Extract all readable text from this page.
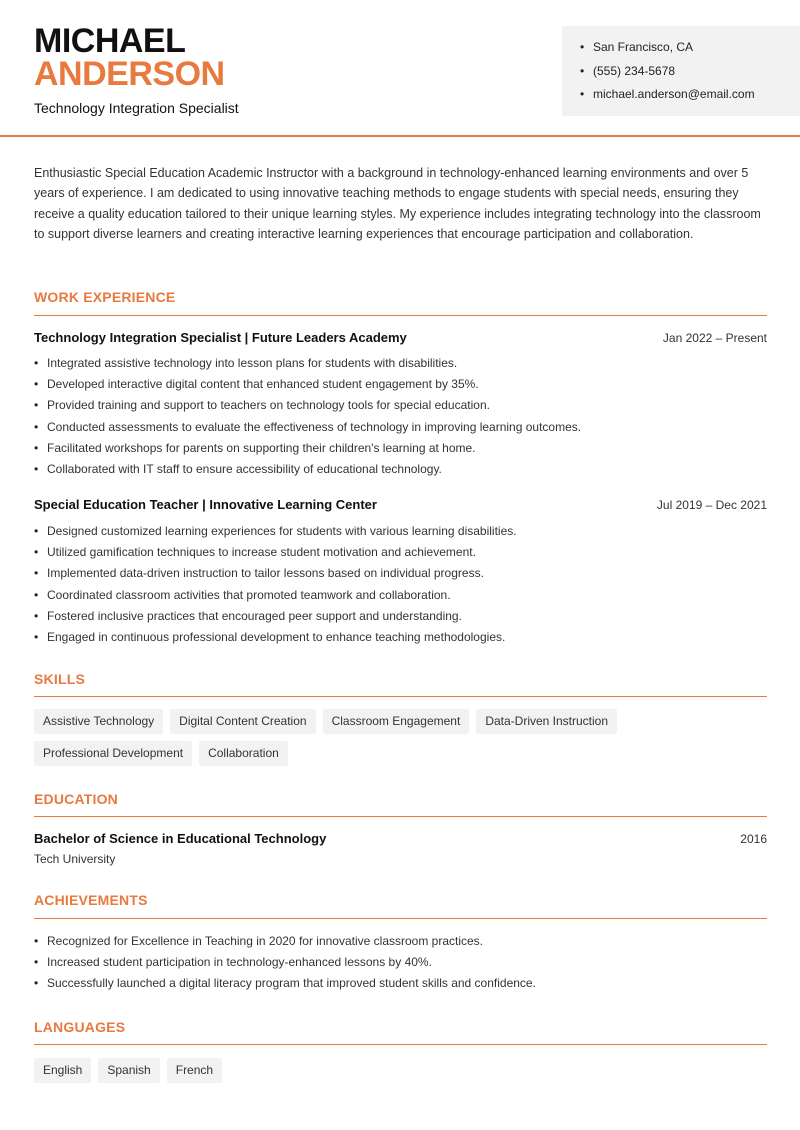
MICHAEL
ANDERSON
Technology Integration Specialist
• San Francisco, CA
• (555) 234-5678
• michael.anderson@email.com
Enthusiastic Special Education Academic Instructor with a background in technology-enhanced learning environments and over 5 years of experience. I am dedicated to using innovative teaching methods to engage students with special needs, ensuring they receive a quality education tailored to their unique learning styles. My experience includes integrating technology into the classroom to support diverse learners and creating interactive learning experiences that encourage participation and collaboration.
WORK EXPERIENCE
Technology Integration Specialist | Future Leaders Academy	Jan 2022 – Present
• Integrated assistive technology into lesson plans for students with disabilities.
• Developed interactive digital content that enhanced student engagement by 35%.
• Provided training and support to teachers on technology tools for special education.
• Conducted assessments to evaluate the effectiveness of technology in improving learning outcomes.
• Facilitated workshops for parents on supporting their children's learning at home.
• Collaborated with IT staff to ensure accessibility of educational technology.
Special Education Teacher | Innovative Learning Center	Jul 2019 – Dec 2021
• Designed customized learning experiences for students with various learning disabilities.
• Utilized gamification techniques to increase student motivation and achievement.
• Implemented data-driven instruction to tailor lessons based on individual progress.
• Coordinated classroom activities that promoted teamwork and collaboration.
• Fostered inclusive practices that encouraged peer support and understanding.
• Engaged in continuous professional development to enhance teaching methodologies.
SKILLS
Assistive Technology	Digital Content Creation	Classroom Engagement	Data-Driven Instruction
Professional Development	Collaboration
EDUCATION
Bachelor of Science in Educational Technology	2016
Tech University
ACHIEVEMENTS
• Recognized for Excellence in Teaching in 2020 for innovative classroom practices.
• Increased student participation in technology-enhanced lessons by 40%.
• Successfully launched a digital literacy program that improved student skills and confidence.
LANGUAGES
English	Spanish	French
